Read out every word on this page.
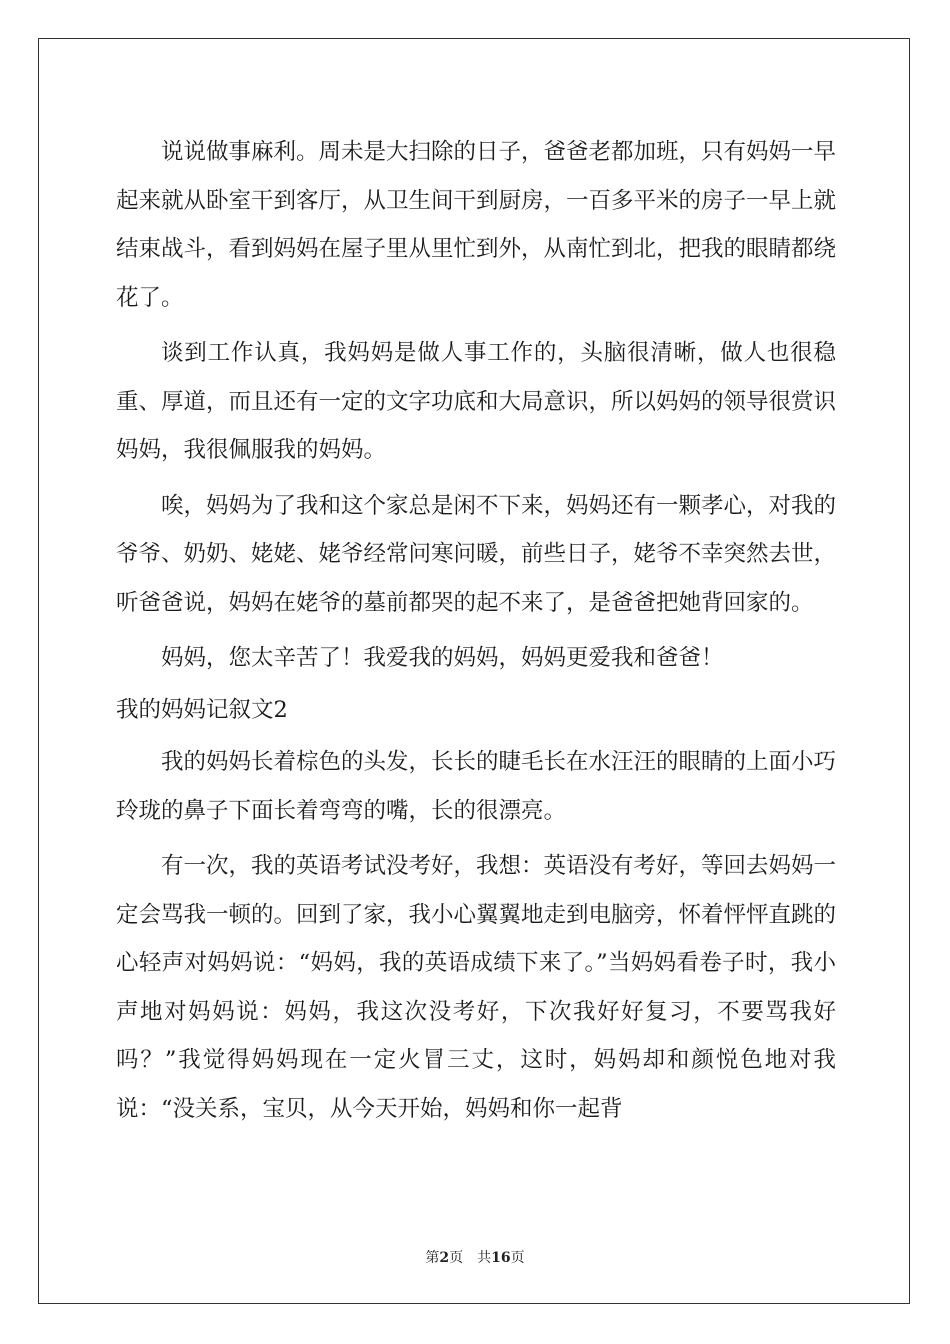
说说做事麻利。周未是大扫除的日子，爸爸老都加班，只有妈妈一早起来就从卧室干到客厅，从卫生间干到厨房，一百多平米的房子一早上就结束战斗，看到妈妈在屋子里从里忙到外，从南忙到北，把我的眼睛都绕花了。

谈到工作认真，我妈妈是做人事工作的，头脑很清晰，做人也很稳重、厚道，而且还有一定的文字功底和大局意识，所以妈妈的领导很赏识妈妈，我很佩服我的妈妈。

唉，妈妈为了我和这个家总是闲不下来，妈妈还有一颗孝心，对我的爷爷、奶奶、姥姥、姥爷经常问寒问暖，前些日子，姥爷不幸突然去世，听爸爸说，妈妈在姥爷的墓前都哭的起不来了，是爸爸把她背回家的。

妈妈，您太辛苦了！我爱我的妈妈，妈妈更爱我和爸爸！

我的妈妈记叙文2

我的妈妈长着棕色的头发，长长的睫毛长在水汪汪的眼睛的上面小巧玲珑的鼻子下面长着弯弯的嘴，长的很漂亮。

有一次，我的英语考试没考好，我想：英语没有考好，等回去妈妈一定会骂我一顿的。回到了家，我小心翼翼地走到电脑旁，怀着怦怦直跳的心轻声对妈妈说：“妈妈，我的英语成绩下来了。”当妈妈看卷子时，我小声地对妈妈说：妈妈，我这次没考好，下次我好好复习，不要骂我好吗？”我觉得妈妈现在一定火冒三丈，这时，妈妈却和颜悦色地对我说：“没关系，宝贝，从今天开始，妈妈和你一起背

第2页 共16页
